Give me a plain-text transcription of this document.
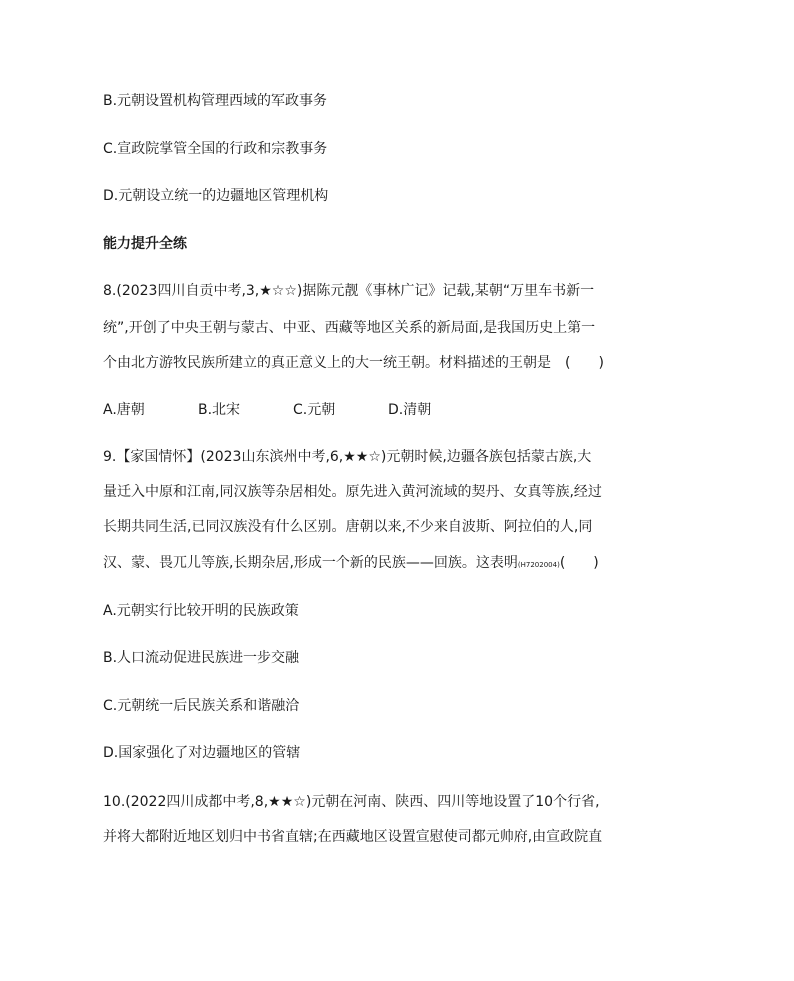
B.元朝设置机构管理西域的军政事务
C.宣政院掌管全国的行政和宗教事务
D.元朝设立统一的边疆地区管理机构
能力提升全练
8.(2023四川自贡中考,3,★☆☆)据陈元靓《事林广记》记载,某朝“万里车书新一
统”,开创了中央王朝与蒙古、中亚、西藏等地区关系的新局面,是我国历史上第一
个由北方游牧民族所建立的真正意义上的大一统王朝。材料描述的王朝是　(　　)
A.唐朝	B.北宋	C.元朝	D.清朝
9.【家国情怀】(2023山东滨州中考,6,★★☆)元朝时候,边疆各族包括蒙古族,大
量迁入中原和江南,同汉族等杂居相处。原先进入黄河流域的契丹、女真等族,经过
长期共同生活,已同汉族没有什么区别。唐朝以来,不少来自波斯、阿拉伯的人,同
汉、蒙、畏兀儿等族,长期杂居,形成一个新的民族——回族。这表明(H7202004)(　　)
A.元朝实行比较开明的民族政策
B.人口流动促进民族进一步交融
C.元朝统一后民族关系和谐融洽
D.国家强化了对边疆地区的管辖
10.(2022四川成都中考,8,★★☆)元朝在河南、陕西、四川等地设置了10个行省,
并将大都附近地区划归中书省直辖;在西藏地区设置宣慰使司都元帅府,由宣政院直
